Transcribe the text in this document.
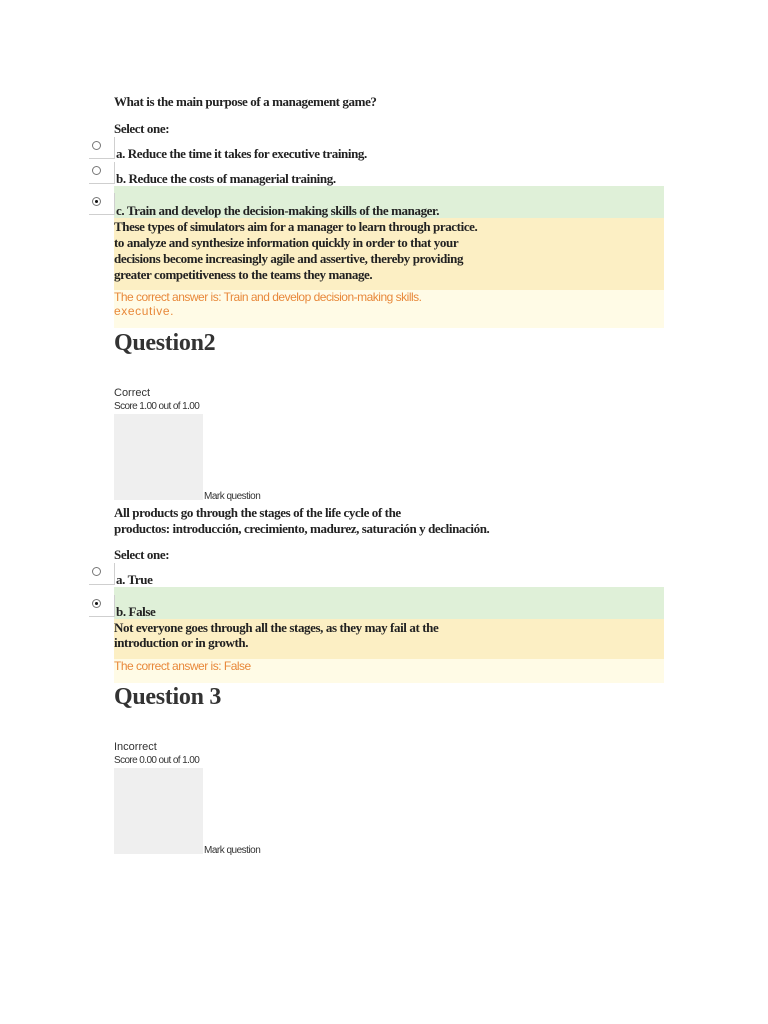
What is the main purpose of a management game?
Select one:
a. Reduce the time it takes for executive training.
b. Reduce the costs of managerial training.
c. Train and develop the decision-making skills of the manager.
These types of simulators aim for a manager to learn through practice.
to analyze and synthesize information quickly in order to that your
decisions become increasingly agile and assertive, thereby providing
greater competitiveness to the teams they manage.
The correct answer is: Train and develop decision-making skills.
executive.
Question2
Correct
Score 1.00 out of 1.00
Mark question
All products go through the stages of the life cycle of the
productos: introducción, crecimiento, madurez, saturación y declinación.
Select one:
a. True
b. False
Not everyone goes through all the stages, as they may fail at the
introduction or in growth.
The correct answer is: False
Question 3
Incorrect
Score 0.00 out of 1.00
Mark question
